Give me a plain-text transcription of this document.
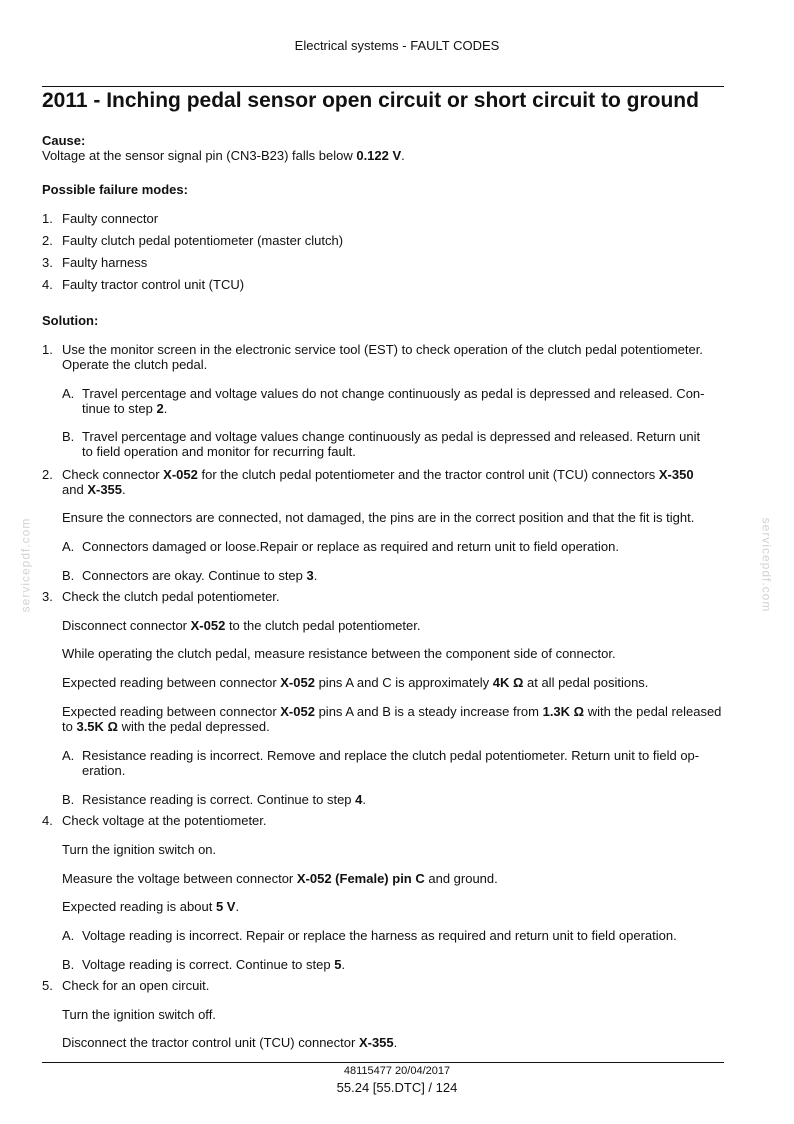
Electrical systems - FAULT CODES
2011 - Inching pedal sensor open circuit or short circuit to ground
Cause:
Voltage at the sensor signal pin (CN3-B23) falls below 0.122 V.
Possible failure modes:
1. Faulty connector
2. Faulty clutch pedal potentiometer (master clutch)
3. Faulty harness
4. Faulty tractor control unit (TCU)
Solution:
1. Use the monitor screen in the electronic service tool (EST) to check operation of the clutch pedal potentiometer.
Operate the clutch pedal.
A. Travel percentage and voltage values do not change continuously as pedal is depressed and released. Con-
tinue to step 2.
B. Travel percentage and voltage values change continuously as pedal is depressed and released. Return unit
to field operation and monitor for recurring fault.
2. Check connector X-052 for the clutch pedal potentiometer and the tractor control unit (TCU) connectors X-350
and X-355.
Ensure the connectors are connected, not damaged, the pins are in the correct position and that the fit is tight.
A. Connectors damaged or loose.Repair or replace as required and return unit to field operation.
B. Connectors are okay. Continue to step 3.
3. Check the clutch pedal potentiometer.
Disconnect connector X-052 to the clutch pedal potentiometer.
While operating the clutch pedal, measure resistance between the component side of connector.
Expected reading between connector X-052 pins A and C is approximately 4K Ω at all pedal positions.
Expected reading between connector X-052 pins A and B is a steady increase from 1.3K Ω with the pedal released
to 3.5K Ω with the pedal depressed.
A. Resistance reading is incorrect. Remove and replace the clutch pedal potentiometer. Return unit to field op-
eration.
B. Resistance reading is correct. Continue to step 4.
4. Check voltage at the potentiometer.
Turn the ignition switch on.
Measure the voltage between connector X-052 (Female) pin C and ground.
Expected reading is about 5 V.
A. Voltage reading is incorrect. Repair or replace the harness as required and return unit to field operation.
B. Voltage reading is correct. Continue to step 5.
5. Check for an open circuit.
Turn the ignition switch off.
Disconnect the tractor control unit (TCU) connector X-355.
servicepdf.com	servicepdf.com
48115477 20/04/2017
55.24 [55.DTC] / 124
